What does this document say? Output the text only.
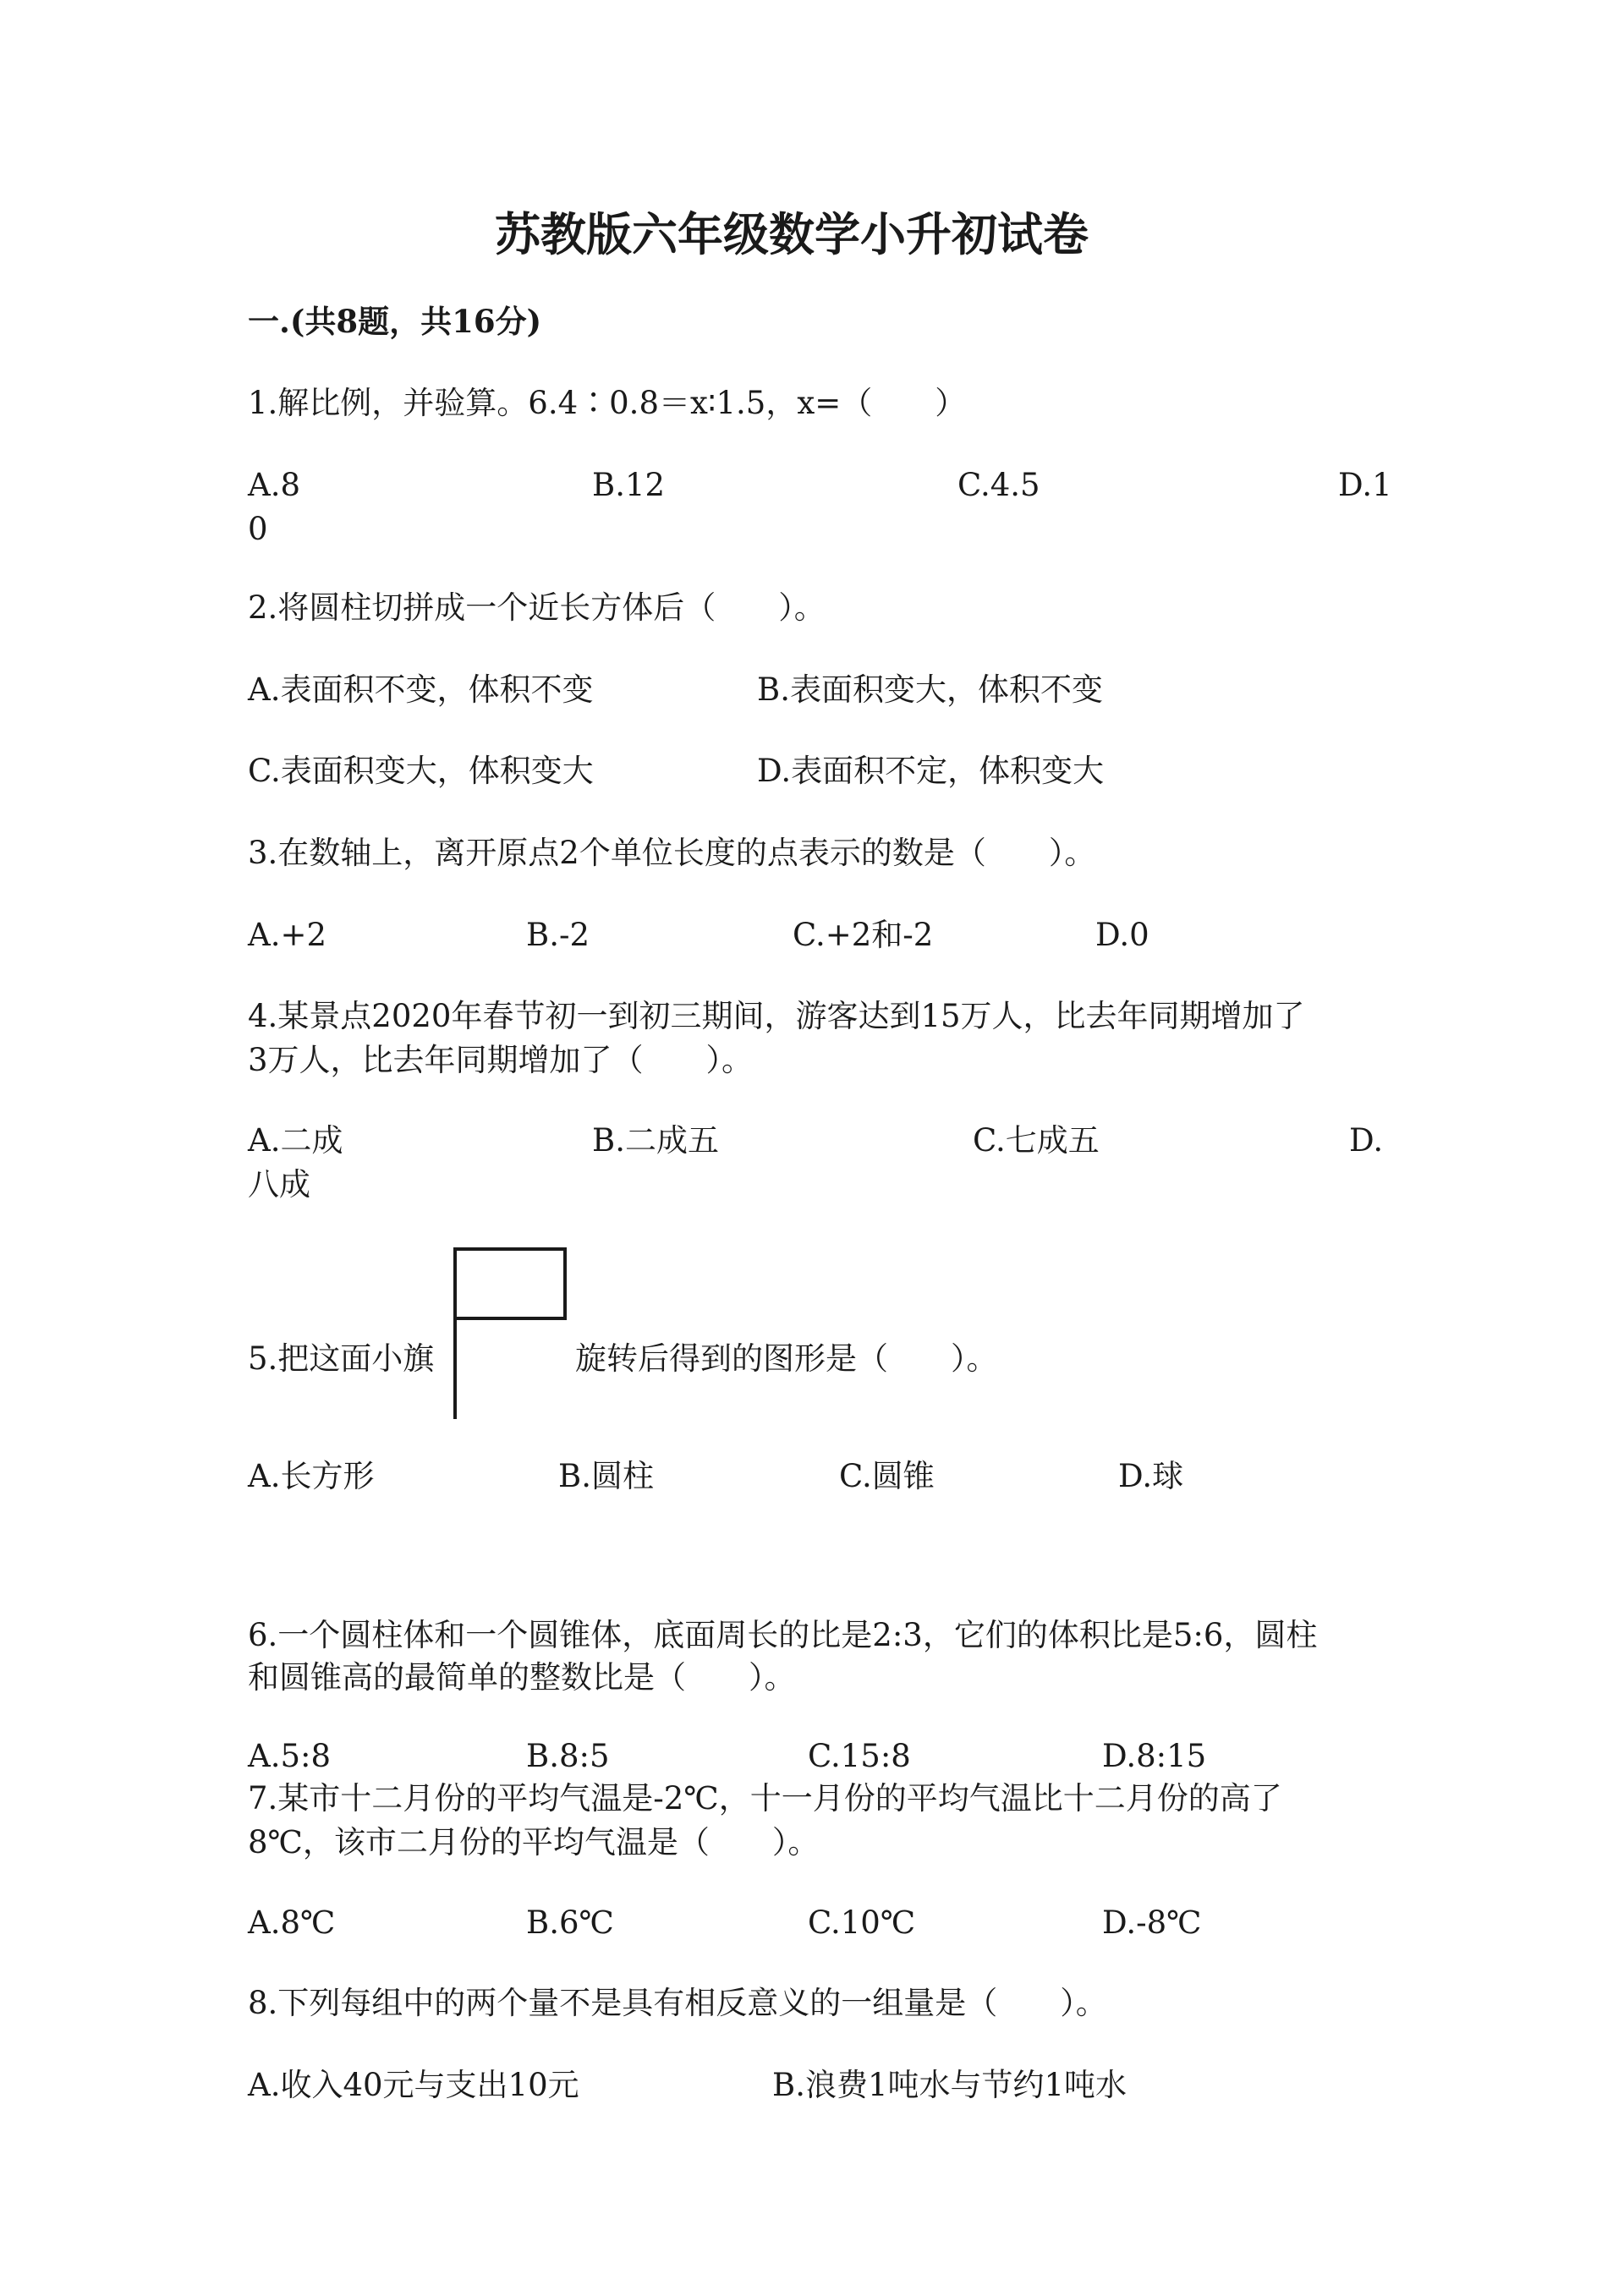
苏教版六年级数学小升初试卷
一.(共8题，共16分)
1.解比例，并验算。6.4∶0.8＝x∶1.5，x=（　　）
A.8	B.12	C.4.5	D.1
0
2.将圆柱切拼成一个近长方体后（　　）。
A.表面积不变，体积不变	B.表面积变大，体积不变
C.表面积变大，体积变大	D.表面积不定，体积变大
3.在数轴上，离开原点2个单位长度的点表示的数是（　　）。
A.+2	B.-2	C.+2和-2	D.0
4.某景点2020年春节初一到初三期间，游客达到15万人，比去年同期增加了
3万人，比去年同期增加了（　　）。
A.二成	B.二成五	C.七成五	D.
八成
5.把这面小旗	旋转后得到的图形是（　　）。
A.长方形	B.圆柱	C.圆锥	D.球
6.一个圆柱体和一个圆锥体，底面周长的比是2:3，它们的体积比是5:6，圆柱
和圆锥高的最简单的整数比是（　　）。
A.5:8	B.8:5	C.15:8	D.8:15
7.某市十二月份的平均气温是-2℃，十一月份的平均气温比十二月份的高了
8℃，该市二月份的平均气温是（　　）。
A.8℃	B.6℃	C.10℃	D.-8℃
8.下列每组中的两个量不是具有相反意义的一组量是（　　）。
A.收入40元与支出10元	B.浪费1吨水与节约1吨水
